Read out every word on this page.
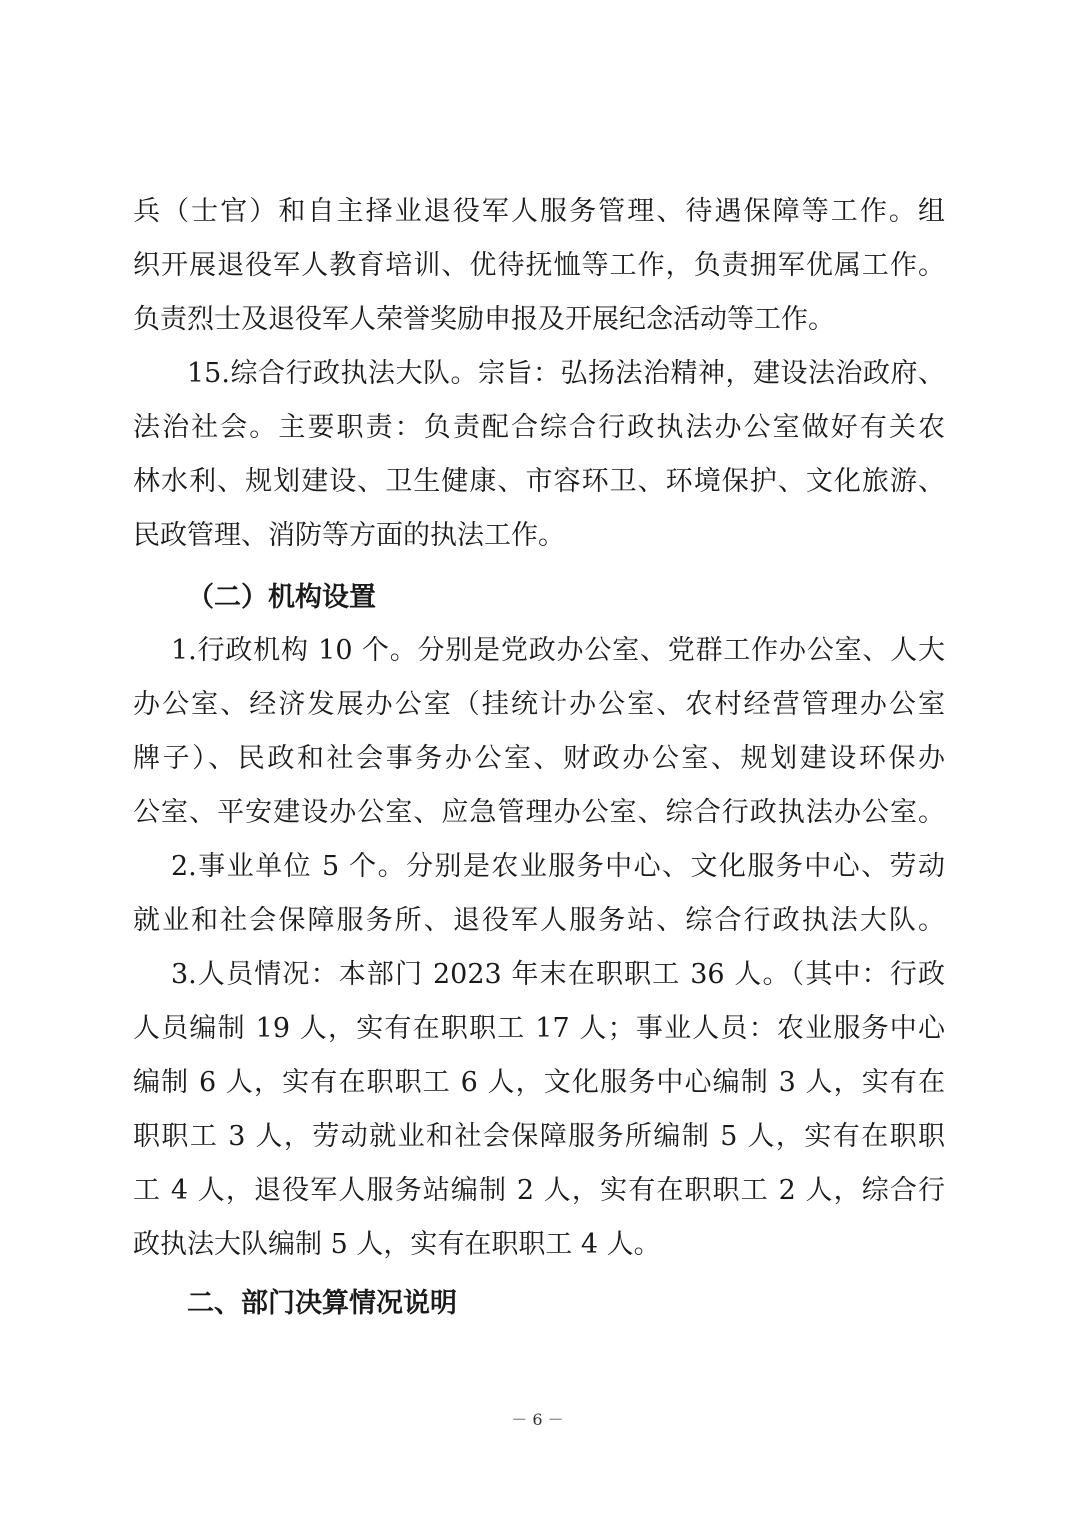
兵（士官）和自主择业退役军人服务管理、待遇保障等工作。组
织开展退役军人教育培训、优待抚恤等工作，负责拥军优属工作。
负责烈士及退役军人荣誉奖励申报及开展纪念活动等工作。
15.综合行政执法大队。宗旨：弘扬法治精神，建设法治政府、
法治社会。主要职责：负责配合综合行政执法办公室做好有关农
林水利、规划建设、卫生健康、市容环卫、环境保护、文化旅游、
民政管理、消防等方面的执法工作。
（二）机构设置
1.行政机构 10 个。分别是党政办公室、党群工作办公室、人大
办公室、经济发展办公室（挂统计办公室、农村经营管理办公室
牌子）、民政和社会事务办公室、财政办公室、规划建设环保办
公室、平安建设办公室、应急管理办公室、综合行政执法办公室。
2.事业单位 5 个。分别是农业服务中心、文化服务中心、劳动
就业和社会保障服务所、退役军人服务站、综合行政执法大队。
3.人员情况：本部门 2023 年末在职职工 36 人。（其中：行政
人员编制 19 人，实有在职职工 17 人；事业人员：农业服务中心
编制 6 人，实有在职职工 6 人，文化服务中心编制 3 人，实有在
职职工 3 人，劳动就业和社会保障服务所编制 5 人，实有在职职
工 4 人，退役军人服务站编制 2 人，实有在职职工 2 人，综合行
政执法大队编制 5 人，实有在职职工 4 人。
二、部门决算情况说明
－ 6 －
